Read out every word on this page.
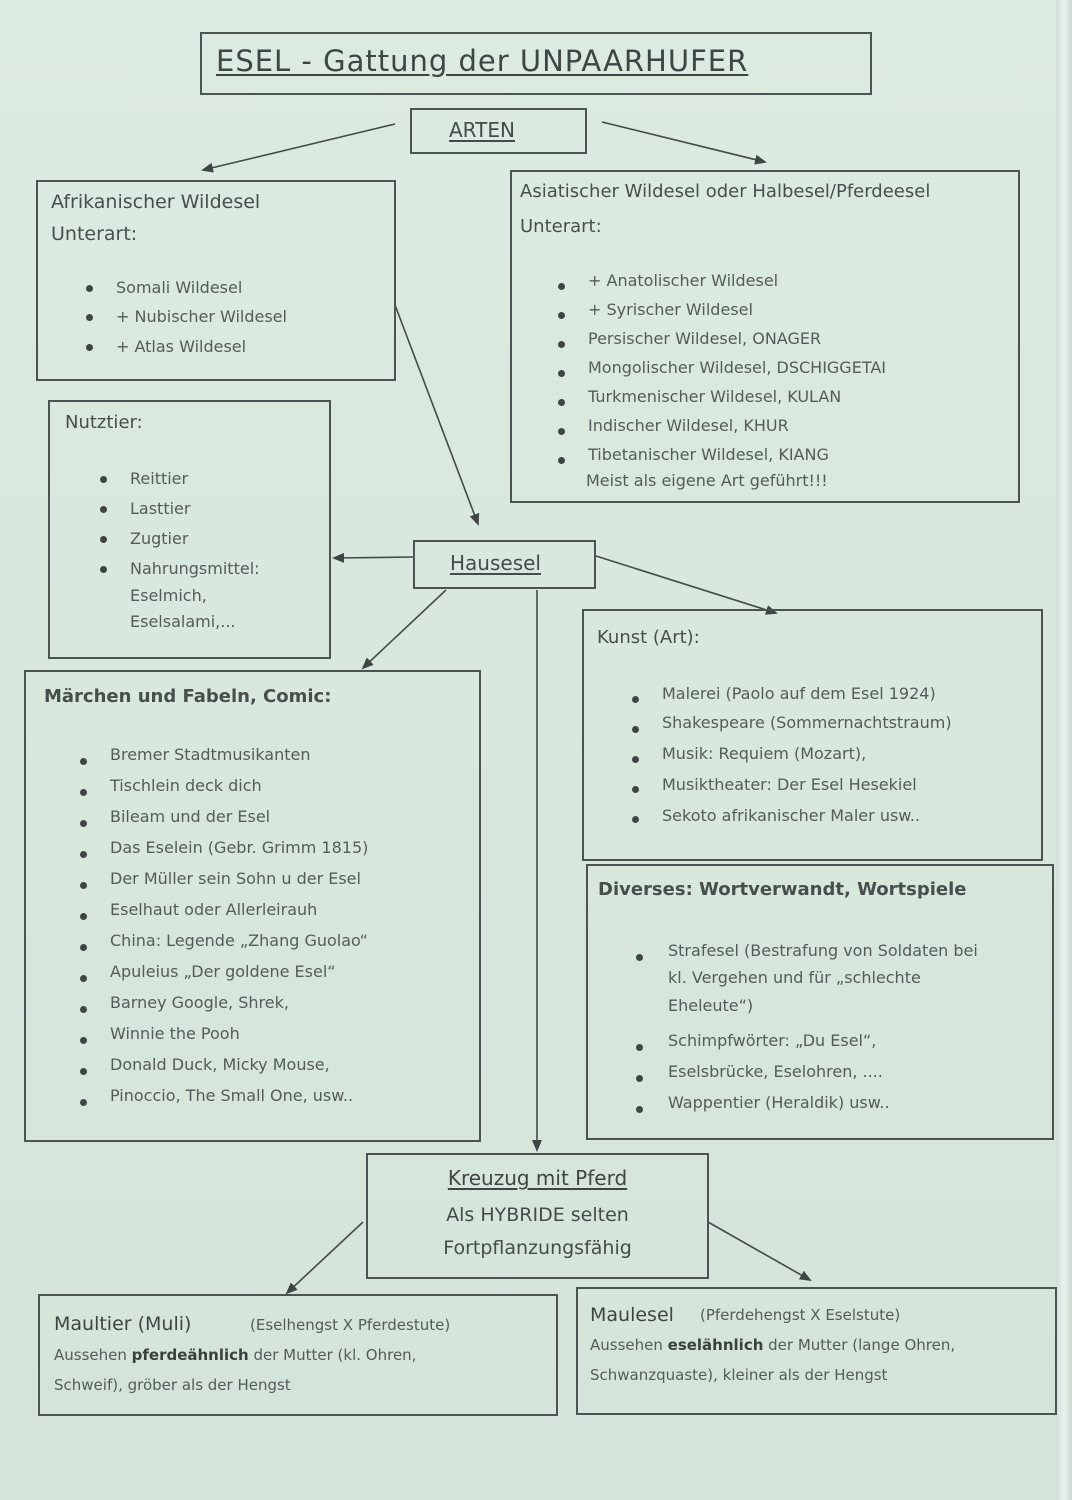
ESEL - Gattung der UNPAARHUFER
ARTEN
Afrikanischer Wildesel
Unterart:
Somali Wildesel
+ Nubischer Wildesel
+ Atlas Wildesel
Asiatischer Wildesel oder Halbesel/Pferdeesel
Unterart:
+ Anatolischer Wildesel
+ Syrischer Wildesel
Persischer Wildesel, ONAGER
Mongolischer Wildesel, DSCHIGGETAI
Turkmenischer Wildesel, KULAN
Indischer Wildesel, KHUR
Tibetanischer Wildesel, KIANG
Meist als eigene Art geführt!!!
Nutztier:
Reittier
Lasttier
Zugtier
Nahrungsmittel:
Eselmich,
Eselsalami,...
Hausesel
Kunst (Art):
Malerei (Paolo auf dem Esel 1924)
Shakespeare (Sommernachtstraum)
Musik: Requiem (Mozart),
Musiktheater: Der Esel Hesekiel
Sekoto afrikanischer Maler usw..
Märchen und Fabeln, Comic:
Bremer Stadtmusikanten
Tischlein deck dich
Bileam und der Esel
Das Eselein (Gebr. Grimm 1815)
Der Müller sein Sohn u der Esel
Eselhaut oder Allerleirauh
China: Legende „Zhang Guolao“
Apuleius „Der goldene Esel“
Barney Google, Shrek,
Winnie the Pooh
Donald Duck, Micky Mouse,
Pinoccio, The Small One, usw..
Diverses: Wortverwandt, Wortspiele
Strafesel (Bestrafung von Soldaten bei
kl. Vergehen und für „schlechte
Eheleute“)
Schimpfwörter: „Du Esel“,
Eselsbrücke, Eselohren, ....
Wappentier (Heraldik) usw..
Kreuzug mit Pferd
Als HYBRIDE selten
Fortpflanzungsfähig
Maultier (Muli)	(Eselhengst X Pferdestute)
Aussehen pferdeähnlich der Mutter (kl. Ohren,
Schweif), gröber als der Hengst
Maulesel (Pferdehengst X Eselstute)
Aussehen eselähnlich der Mutter (lange Ohren,
Schwanzquaste), kleiner als der Hengst
